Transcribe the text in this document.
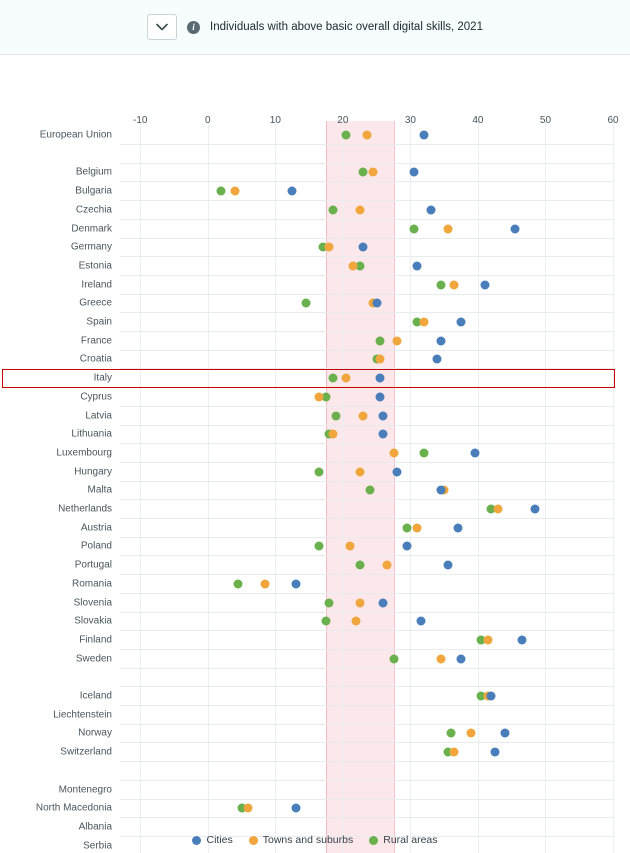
i	Individuals with above basic overall digital skills, 2021
-10	0	10	20	30	40	50	60
European Union
Belgium
Bulgaria
Czechia
Denmark
Germany
Estonia
Ireland
Greece
Spain
France
Croatia
Italy
Cyprus
Latvia
Lithuania
Luxembourg
Hungary
Malta
Netherlands
Austria
Poland
Portugal
Romania
Slovenia
Slovakia
Finland
Sweden
Iceland
Liechtenstein
Norway
Switzerland
Montenegro
North Macedonia
Albania
Serbia	Cities	Towns and suburbs	Rural areas
